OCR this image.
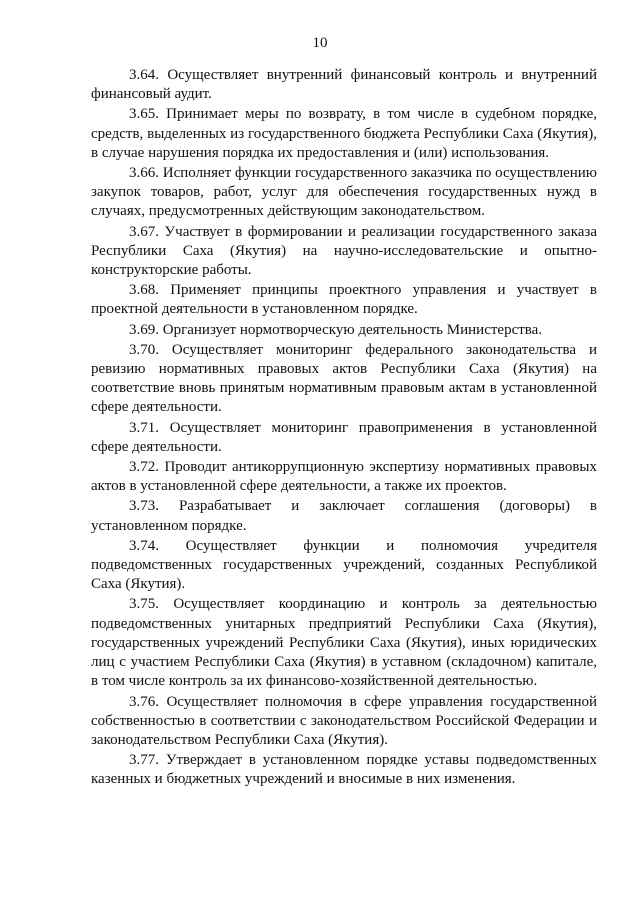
10

3.64. Осуществляет внутренний финансовый контроль и внутренний финансовый аудит.

3.65. Принимает меры по возврату, в том числе в судебном порядке, средств, выделенных из государственного бюджета Республики Саха (Якутия), в случае нарушения порядка их предоставления и (или) использования.

3.66. Исполняет функции государственного заказчика по осуществлению закупок товаров, работ, услуг для обеспечения государственных нужд в случаях, предусмотренных действующим законодательством.

3.67. Участвует в формировании и реализации государственного заказа Республики Саха (Якутия) на научно-исследовательские и опытно-конструкторские работы.

3.68. Применяет принципы проектного управления и участвует в проектной деятельности в установленном порядке.

3.69. Организует нормотворческую деятельность Министерства.

3.70. Осуществляет мониторинг федерального законодательства и ревизию нормативных правовых актов Республики Саха (Якутия) на соответствие вновь принятым нормативным правовым актам в установленной сфере деятельности.

3.71. Осуществляет мониторинг правоприменения в установленной сфере деятельности.

3.72. Проводит антикоррупционную экспертизу нормативных правовых актов в установленной сфере деятельности, а также их проектов.

3.73. Разрабатывает и заключает соглашения (договоры) в установленном порядке.

3.74. Осуществляет функции и полномочия учредителя подведомственных государственных учреждений, созданных Республикой Саха (Якутия).

3.75. Осуществляет координацию и контроль за деятельностью подведомственных унитарных предприятий Республики Саха (Якутия), государственных учреждений Республики Саха (Якутия), иных юридических лиц с участием Республики Саха (Якутия) в уставном (складочном) капитале, в том числе контроль за их финансово-хозяйственной деятельностью.

3.76. Осуществляет полномочия в сфере управления государственной собственностью в соответствии с законодательством Российской Федерации и законодательством Республики Саха (Якутия).

3.77. Утверждает в установленном порядке уставы подведомственных казенных и бюджетных учреждений и вносимые в них изменения.
